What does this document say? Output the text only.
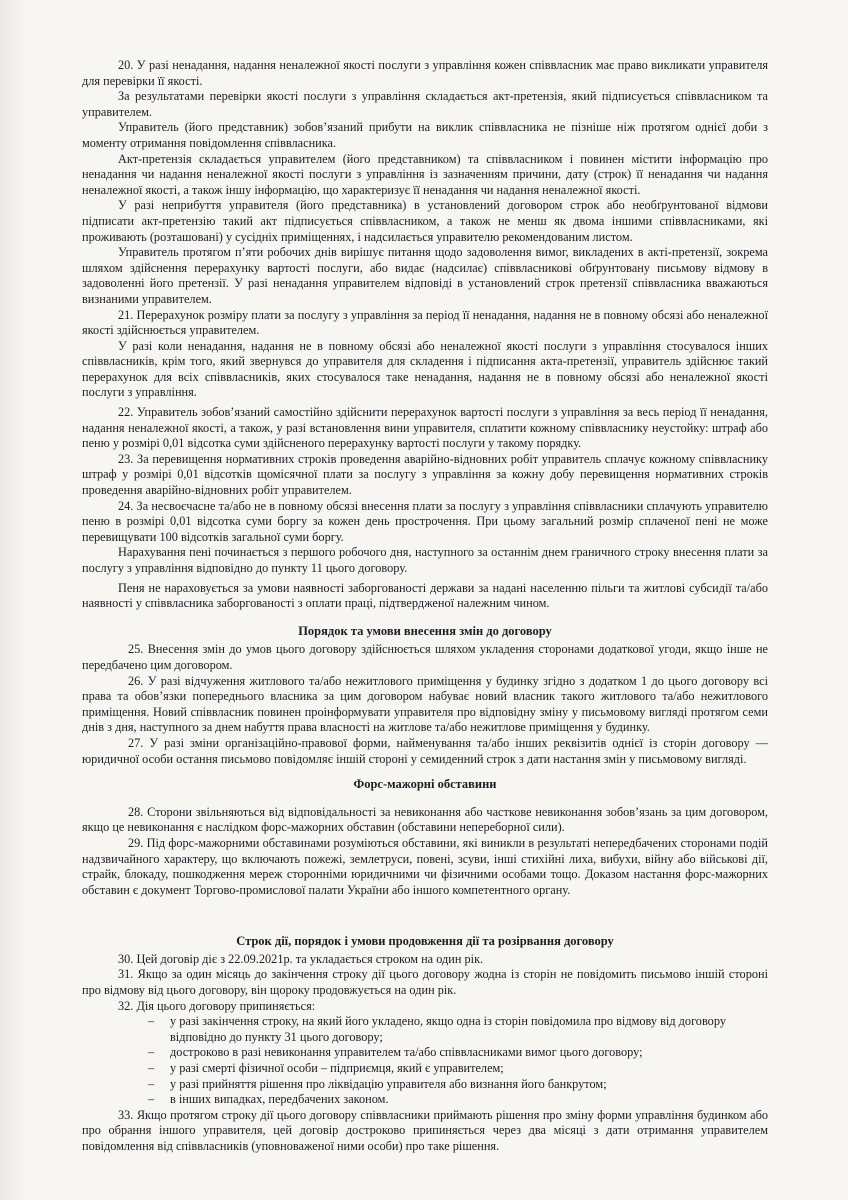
20. У разі ненадання, надання неналежної якості послуги з управління кожен співвласник має право викликати управителя для перевірки її якості.

За результатами перевірки якості послуги з управління складається акт-претензія, який підписується співвласником та управителем.

Управитель (його представник) зобов’язаний прибути на виклик співвласника не пізніше ніж протягом однієї доби з моменту отримання повідомлення співвласника.

Акт-претензія складається управителем (його представником) та співвласником і повинен містити інформацію про ненадання чи надання неналежної якості послуги з управління із зазначенням причини, дату (строк) її ненадання чи надання неналежної якості, а також іншу інформацію, що характеризує її ненадання чи надання неналежної якості.

У разі неприбуття управителя (його представника) в установлений договором строк або необґрунтованої відмови підписати акт-претензію такий акт підписується співвласником, а також не менш як двома іншими співвласниками, які проживають (розташовані) у сусідніх приміщеннях, і надсилається управителю рекомендованим листом.

Управитель протягом п’яти робочих днів вирішує питання щодо задоволення вимог, викладених в акті-претензії, зокрема шляхом здійснення перерахунку вартості послуги, або видає (надсилає) співвласникові обґрунтовану письмову відмову в задоволенні його претензії. У разі ненадання управителем відповіді в установлений строк претензії співвласника вважаються визнаними управителем.

21. Перерахунок розміру плати за послугу з управління за період її ненадання, надання не в повному обсязі або неналежної якості здійснюється управителем.

У разі коли ненадання, надання не в повному обсязі або неналежної якості послуги з управління стосувалося інших співвласників, крім того, який звернувся до управителя для складення і підписання акта-претензії, управитель здійснює такий перерахунок для всіх співвласників, яких стосувалося таке ненадання, надання не в повному обсязі або неналежної якості послуги з управління.

22. Управитель зобов’язаний самостійно здійснити перерахунок вартості послуги з управління за весь період її ненадання, надання неналежної якості, а також, у разі встановлення вини управителя, сплатити кожному співвласнику неустойку: штраф або пеню у розмірі 0,01 відсотка суми здійсненого перерахунку вартості послуги у такому порядку.

23. За перевищення нормативних строків проведення аварійно-відновних робіт управитель сплачує кожному співвласнику штраф у розмірі 0,01 відсотків щомісячної плати за послугу з управління за кожну добу перевищення нормативних строків проведення аварійно-відновних робіт управителем.

24. За несвоєчасне та/або не в повному обсязі внесення плати за послугу з управління співвласники сплачують управителю пеню в розмірі 0,01 відсотка суми боргу за кожен день прострочення. При цьому загальний розмір сплаченої пені не може перевищувати 100 відсотків загальної суми боргу.

Нарахування пені починається з першого робочого дня, наступного за останнім днем граничного строку внесення плати за послугу з управління відповідно до пункту 11 цього договору.

Пеня не нараховується за умови наявності заборгованості держави за надані населенню пільги та житлові субсидії та/або наявності у співвласника заборгованості з оплати праці, підтвердженої належним чином.

Порядок та умови внесення змін до договору

25. Внесення змін до умов цього договору здійснюється шляхом укладення сторонами додаткової угоди, якщо інше не передбачено цим договором.

26. У разі відчуження житлового та/або нежитлового приміщення у будинку згідно з додатком 1 до цього договору всі права та обов’язки попереднього власника за цим договором набуває новий власник такого житлового та/або нежитлового приміщення. Новий співвласник повинен проінформувати управителя про відповідну зміну у письмовому вигляді протягом семи днів з дня, наступного за днем набуття права власності на житлове та/або нежитлове приміщення у будинку.

27. У разі зміни організаційно-правової форми, найменування та/або інших реквізитів однієї із сторін договору — юридичної особи остання письмово повідомляє іншій стороні у семиденний строк з дати настання змін у письмовому вигляді.

Форс-мажорні обставини

28. Сторони звільняються від відповідальності за невиконання або часткове невиконання зобов’язань за цим договором, якщо це невиконання є наслідком форс-мажорних обставин (обставини непереборної сили).

29. Під форс-мажорними обставинами розуміються обставини, які виникли в результаті непередбачених сторонами подій надзвичайного характеру, що включають пожежі, землетруси, повені, зсуви, інші стихійні лиха, вибухи, війну або військові дії, страйк, блокаду, пошкодження мереж сторонніми юридичними чи фізичними особами тощо. Доказом настання форс-мажорних обставин є документ Торгово-промислової палати України або іншого компетентного органу.

Строк дії, порядок і умови продовження дії та розірвання договору

30. Цей договір діє з 22.09.2021р. та укладається строком на один рік.

31. Якщо за один місяць до закінчення строку дії цього договору жодна із сторін не повідомить письмово іншій стороні про відмову від цього договору, він щороку продовжується на один рік.

32. Дія цього договору припиняється:

– у разі закінчення строку, на який його укладено, якщо одна із сторін повідомила про відмову від договору відповідно до пункту 31 цього договору;
– достроково в разі невиконання управителем та/або співвласниками вимог цього договору;
– у разі смерті фізичної особи – підприємця, який є управителем;
– у разі прийняття рішення про ліквідацію управителя або визнання його банкрутом;
– в інших випадках, передбачених законом.

33. Якщо протягом строку дії цього договору співвласники приймають рішення про зміну форми управління будинком або про обрання іншого управителя, цей договір достроково припиняється через два місяці з дати отримання управителем повідомлення від співвласників (уповноваженої ними особи) про таке рішення.
